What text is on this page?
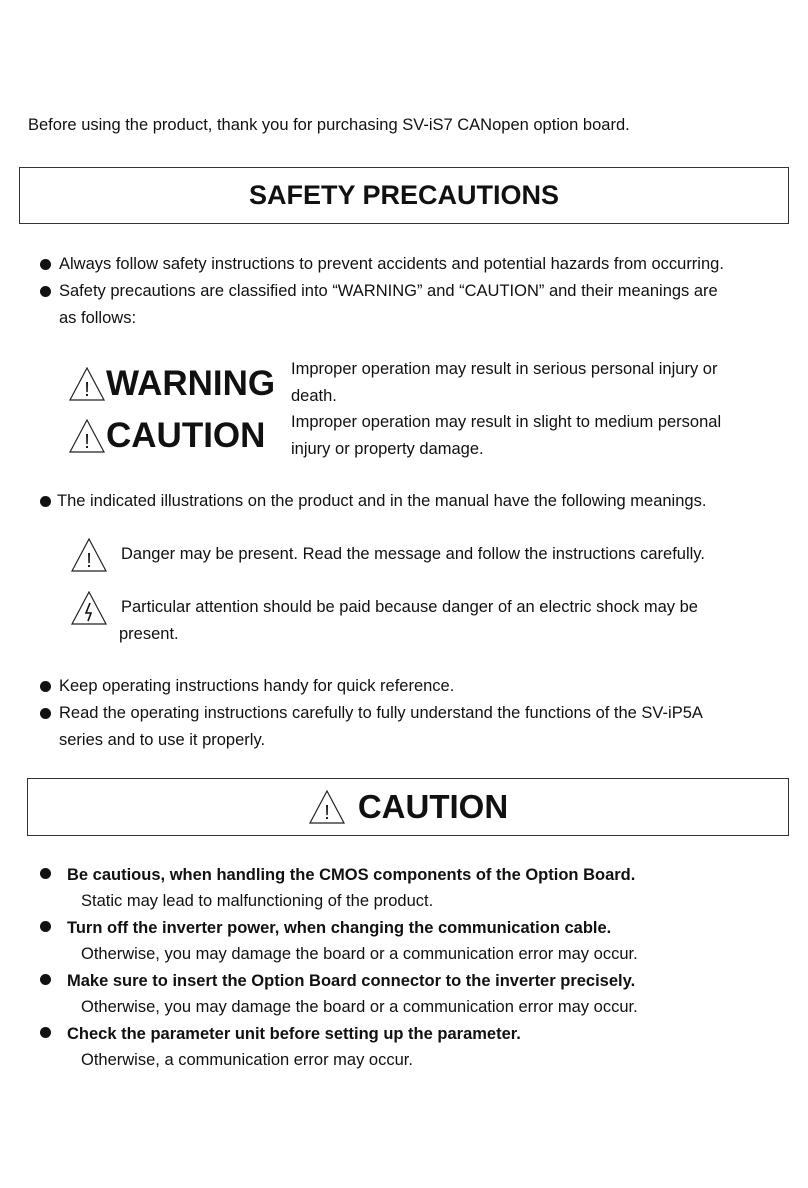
Before using the product, thank you for purchasing SV-iS7 CANopen option board.

SAFETY PRECAUTIONS

Always follow safety instructions to prevent accidents and potential hazards from occurring.

Safety precautions are classified into “WARNING” and “CAUTION” and their meanings are

as follows:

! WARNING Improper operation may result in serious personal injury or

death.

! CAUTION Improper operation may result in slight to medium personal

injury or property damage.

The indicated illustrations on the product and in the manual have the following meanings.

! Danger may be present. Read the message and follow the instructions carefully.

Particular attention should be paid because danger of an electric shock may be

present.

Keep operating instructions handy for quick reference.

Read the operating instructions carefully to fully understand the functions of the SV-iP5A

series and to use it properly.

! CAUTION

Be cautious, when handling the CMOS components of the Option Board.

Static may lead to malfunctioning of the product.

Turn off the inverter power, when changing the communication cable.

Otherwise, you may damage the board or a communication error may occur.

Make sure to insert the Option Board connector to the inverter precisely.

Otherwise, you may damage the board or a communication error may occur.

Check the parameter unit before setting up the parameter.

Otherwise, a communication error may occur.
